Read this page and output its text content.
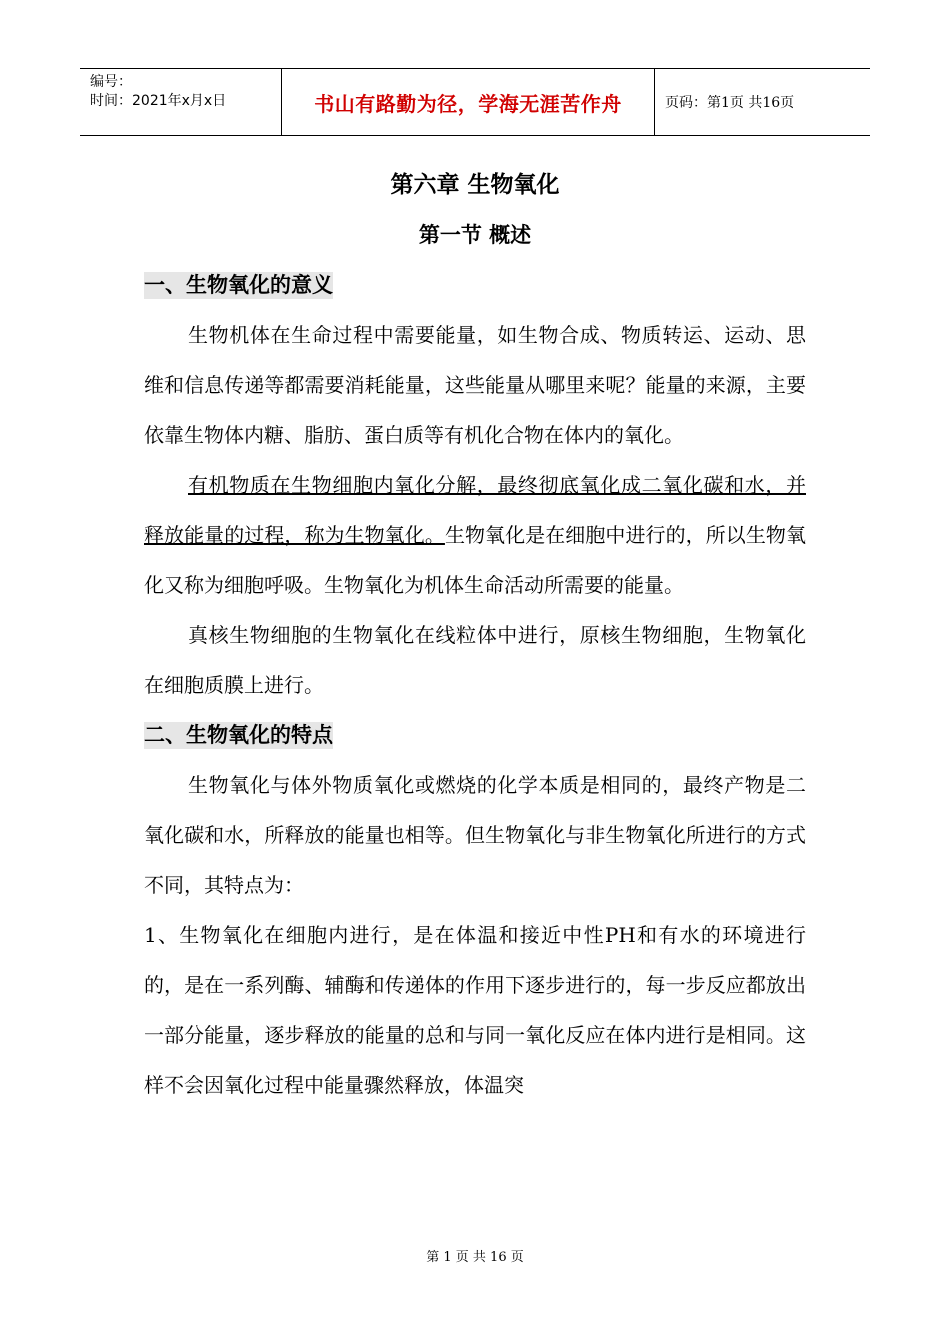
编号：
时间：2021年x月x日	书山有路勤为径，学海无涯苦作舟	页码：第1页 共16页
第六章 生物氧化
第一节 概述
一、生物氧化的意义

生物机体在生命过程中需要能量，如生物合成、物质转运、运动、思维和信息传递等都需要消耗能量，这些能量从哪里来呢？能量的来源，主要依靠生物体内糖、脂肪、蛋白质等有机化合物在体内的氧化。

有机物质在生物细胞内氧化分解，最终彻底氧化成二氧化碳和水，并释放能量的过程，称为生物氧化。生物氧化是在细胞中进行的，所以生物氧化又称为细胞呼吸。生物氧化为机体生命活动所需要的能量。

真核生物细胞的生物氧化在线粒体中进行，原核生物细胞，生物氧化在细胞质膜上进行。

二、生物氧化的特点

生物氧化与体外物质氧化或燃烧的化学本质是相同的，最终产物是二氧化碳和水，所释放的能量也相等。但生物氧化与非生物氧化所进行的方式不同，其特点为：

1、生物氧化在细胞内进行，是在体温和接近中性PH和有水的环境进行的，是在一系列酶、辅酶和传递体的作用下逐步进行的，每一步反应都放出一部分能量，逐步释放的能量的总和与同一氧化反应在体内进行是相同。这样不会因氧化过程中能量骤然释放，体温突

第 1 页 共 16 页
